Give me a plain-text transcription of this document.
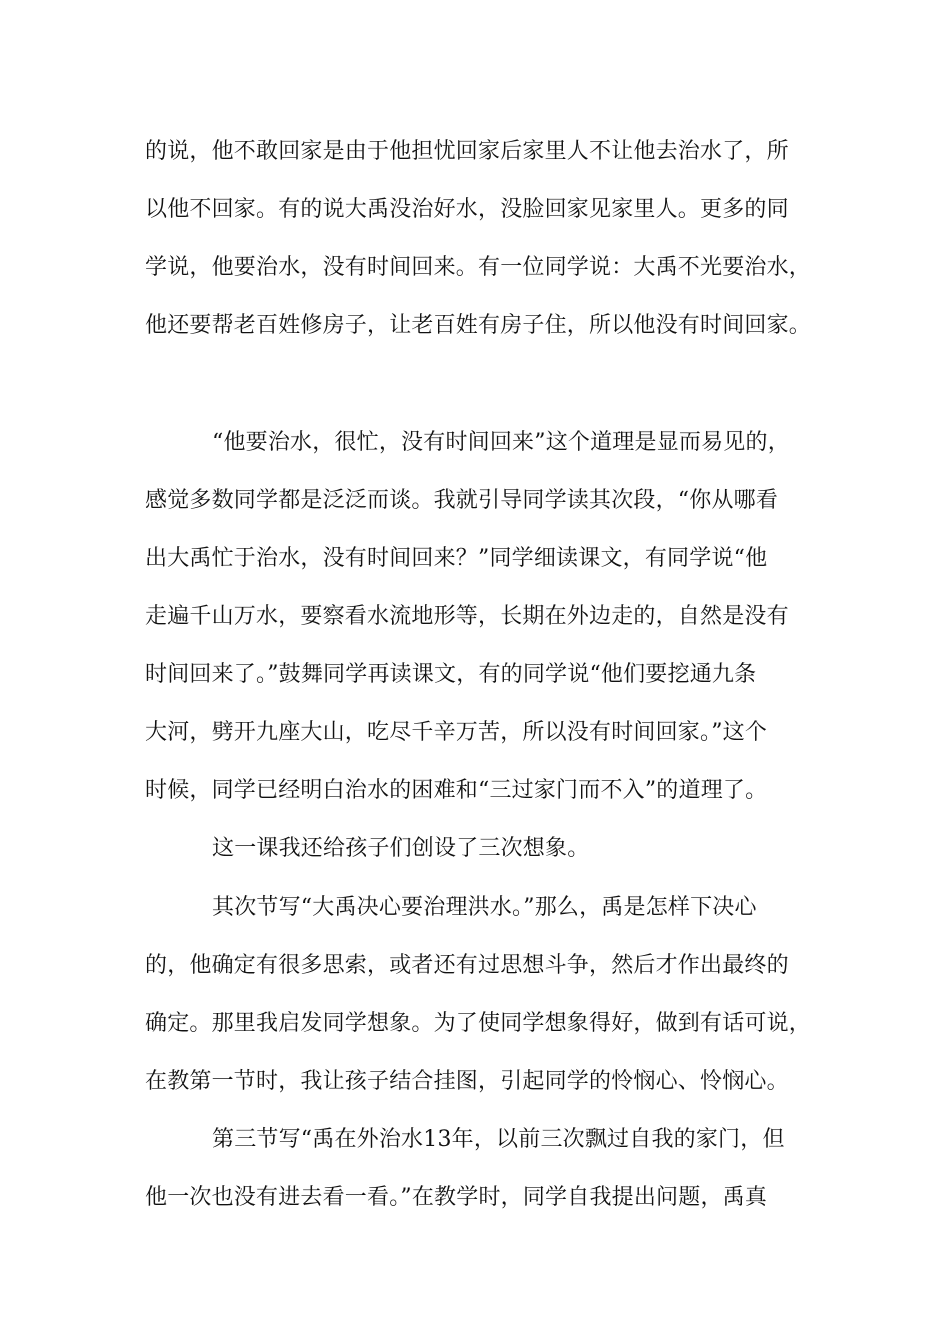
的说，他不敢回家是由于他担忧回家后家里人不让他去治水了，所
以他不回家。有的说大禹没治好水，没脸回家见家里人。更多的同
学说，他要治水，没有时间回来。有一位同学说：大禹不光要治水，
他还要帮老百姓修房子，让老百姓有房子住，所以他没有时间回家。
“他要治水，很忙，没有时间回来”这个道理是显而易见的，
感觉多数同学都是泛泛而谈。我就引导同学读其次段，“你从哪看
出大禹忙于治水，没有时间回来？”同学细读课文，有同学说“他
走遍千山万水，要察看水流地形等，长期在外边走的，自然是没有
时间回来了。”鼓舞同学再读课文，有的同学说“他们要挖通九条
大河，劈开九座大山，吃尽千辛万苦，所以没有时间回家。”这个
时候，同学已经明白治水的困难和“三过家门而不入”的道理了。
这一课我还给孩子们创设了三次想象。
其次节写“大禹决心要治理洪水。”那么，禹是怎样下决心
的，他确定有很多思索，或者还有过思想斗争，然后才作出最终的
确定。那里我启发同学想象。为了使同学想象得好，做到有话可说，
在教第一节时，我让孩子结合挂图，引起同学的怜悯心、怜悯心。
第三节写“禹在外治水13年，以前三次飘过自我的家门，但
他一次也没有进去看一看。”在教学时，同学自我提出问题，禹真
